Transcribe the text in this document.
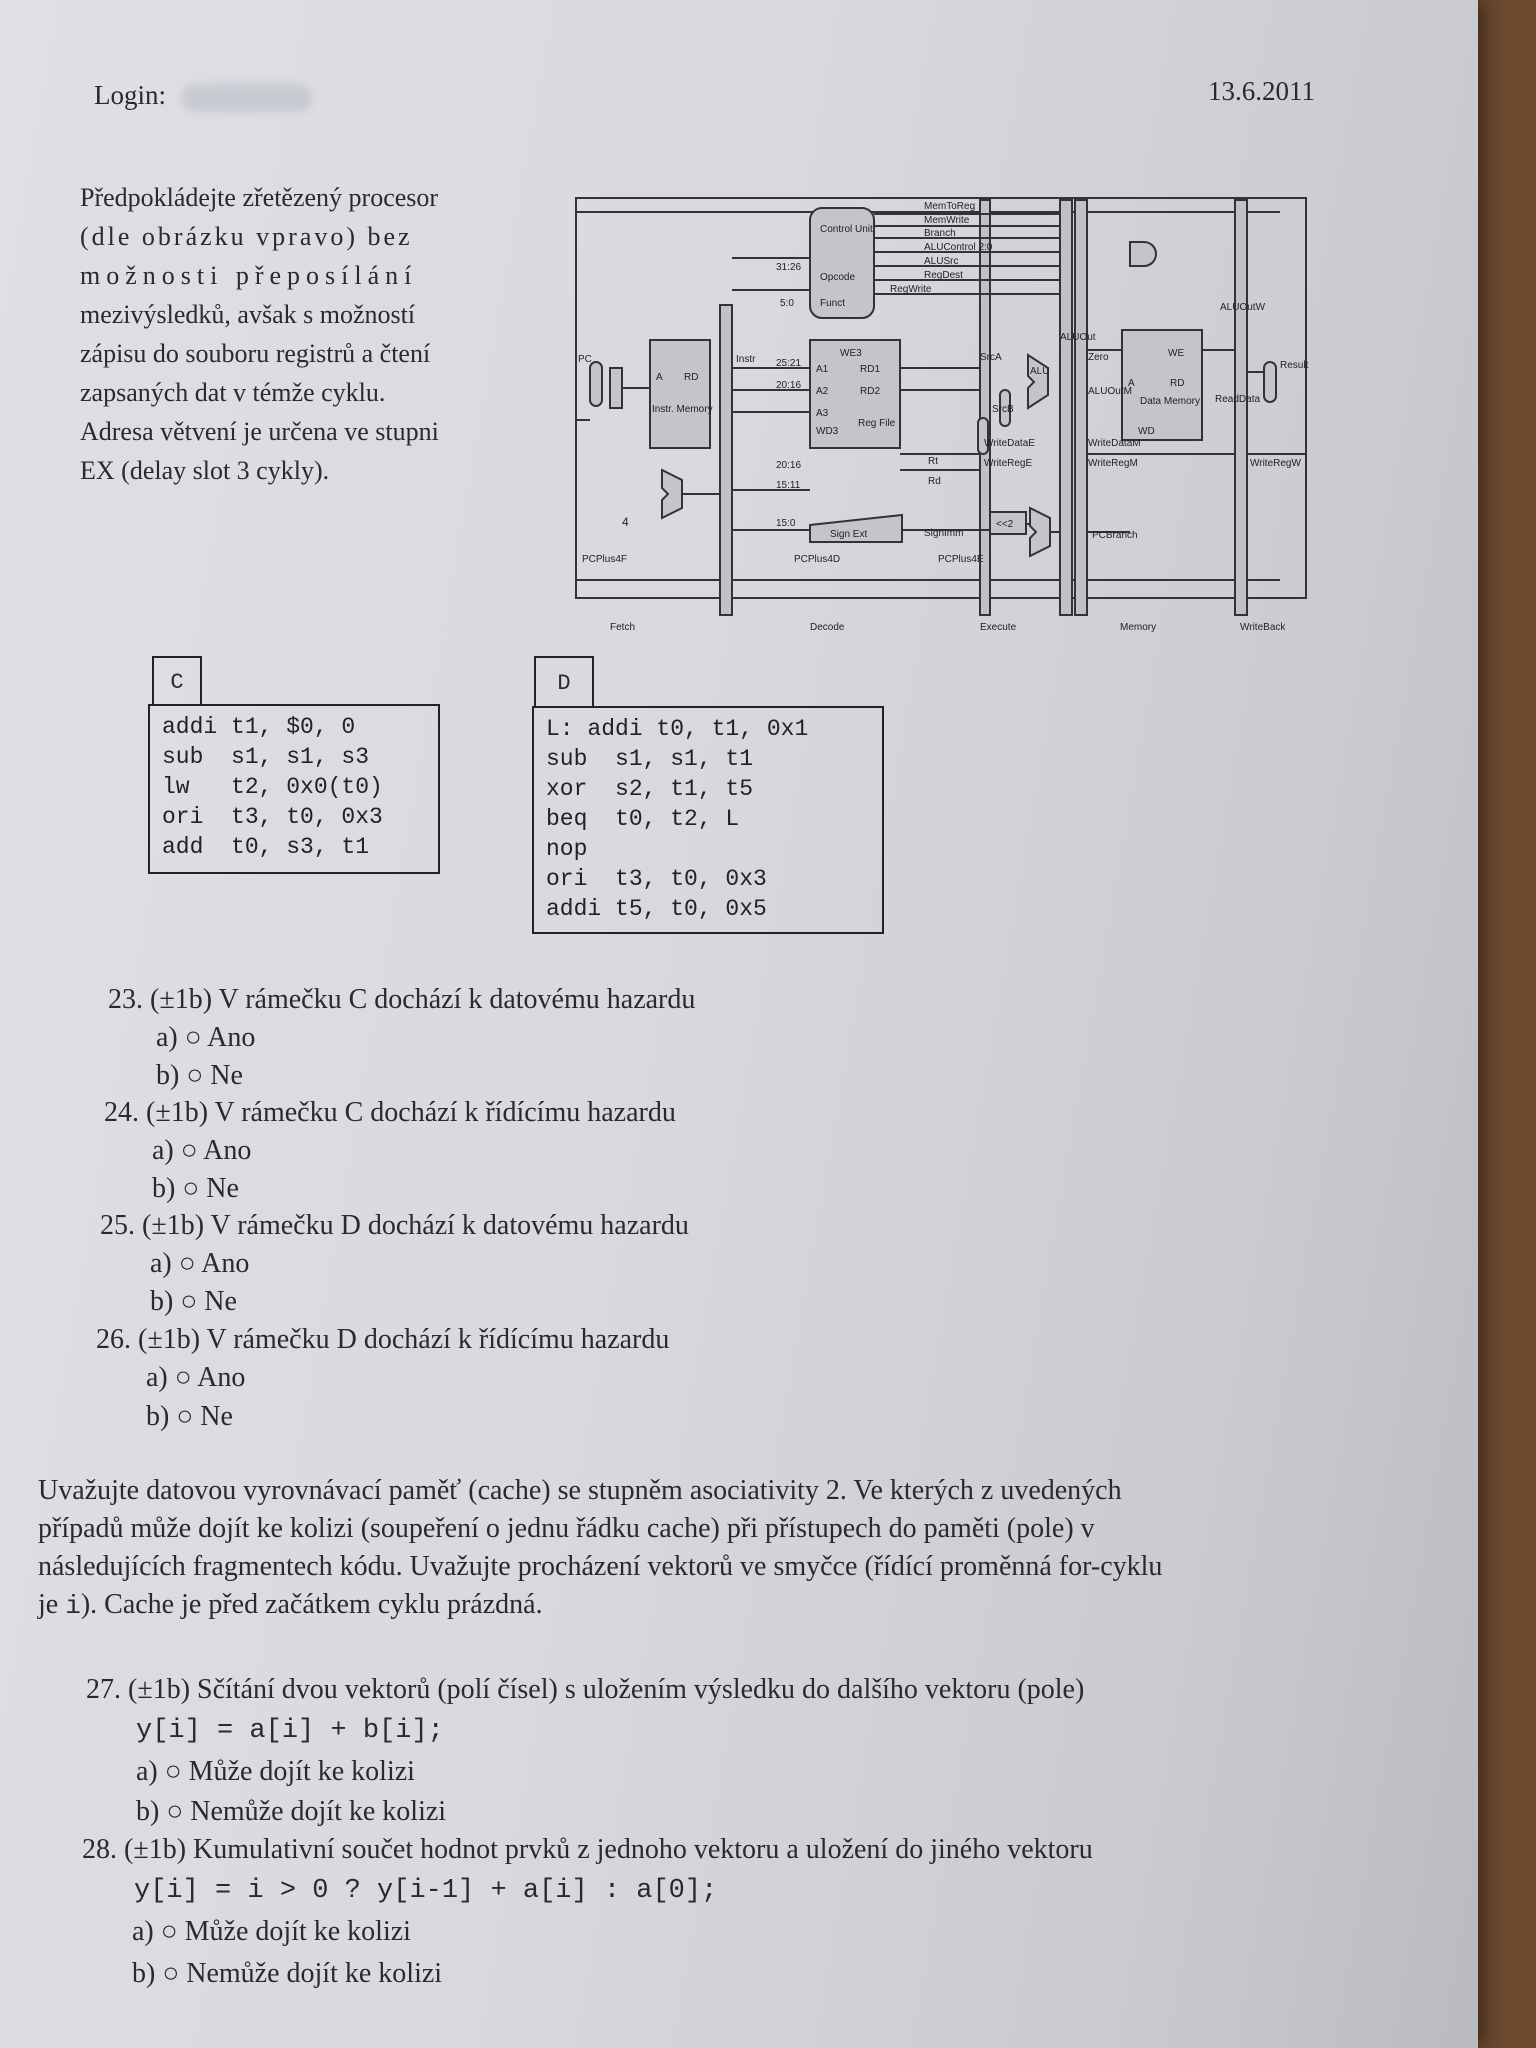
Login:	13.6.2011
Předpokládejte zřetězený procesor
(dle obrázku vpravo) bez
možnosti přeposílání
mezivýsledků, avšak s možností
zápisu do souboru registrů a čtení
zapsaných dat v témže cyklu.
Adresa větvení je určena ve stupni
EX (delay slot 3 cykly).
MemToReg
MemWrite
Branch
ALUControl 2:0
ALUSrc
RegDest
RegWrite
Control Unit
Opcode
Funct
31:26
5:0
25:21
20:16
20:16
15:11
15:0
WE3
A1	RD1
A2	RD2
A3
WD3
Reg File
A RD
Instr. Memory
WE
A	RD
Data Memory
WD
PC	Instr	SrcA
SrcB
ALU
Zero
ALUOut
ALUOutM
ReadData
Result
WriteDataE	WriteDataM
WriteRegE	WriteRegM	WriteRegW
Rt
Rd
SignImm
Sign Ext
<<2
PCBranch
PCPlus4F	PCPlus4D	PCPlus4E
4
ALUOutW
Fetch	Decode	Execute	Memory	WriteBack
C
addi t1, $0, 0
sub  s1, s1, s3
lw   t2, 0x0(t0)
ori  t3, t0, 0x3
add  t0, s3, t1
D
L: addi t0, t1, 0x1
sub  s1, s1, t1
xor  s2, t1, t5
beq  t0, t2, L
nop
ori  t3, t0, 0x3
addi t5, t0, 0x5
23. (±1b) V rámečku C dochází k datovému hazardu
a) ○ Ano
b) ○ Ne
24. (±1b) V rámečku C dochází k řídícímu hazardu
a) ○ Ano
b) ○ Ne
25. (±1b) V rámečku D dochází k datovému hazardu
a) ○ Ano
b) ○ Ne
26. (±1b) V rámečku D dochází k řídícímu hazardu
a) ○ Ano
b) ○ Ne
Uvažujte datovou vyrovnávací paměť (cache) se stupněm asociativity 2. Ve kterých z uvedených
případů může dojít ke kolizi (soupeření o jednu řádku cache) při přístupech do paměti (pole) v
následujících fragmentech kódu. Uvažujte procházení vektorů ve smyčce (řídící proměnná for-cyklu
je i). Cache je před začátkem cyklu prázdná.
27. (±1b) Sčítání dvou vektorů (polí čísel) s uložením výsledku do dalšího vektoru (pole)
y[i] = a[i] + b[i];
a) ○ Může dojít ke kolizi
b) ○ Nemůže dojít ke kolizi
28. (±1b) Kumulativní součet hodnot prvků z jednoho vektoru a uložení do jiného vektoru
y[i] = i > 0 ? y[i-1] + a[i] : a[0];
a) ○ Může dojít ke kolizi
b) ○ Nemůže dojít ke kolizi
